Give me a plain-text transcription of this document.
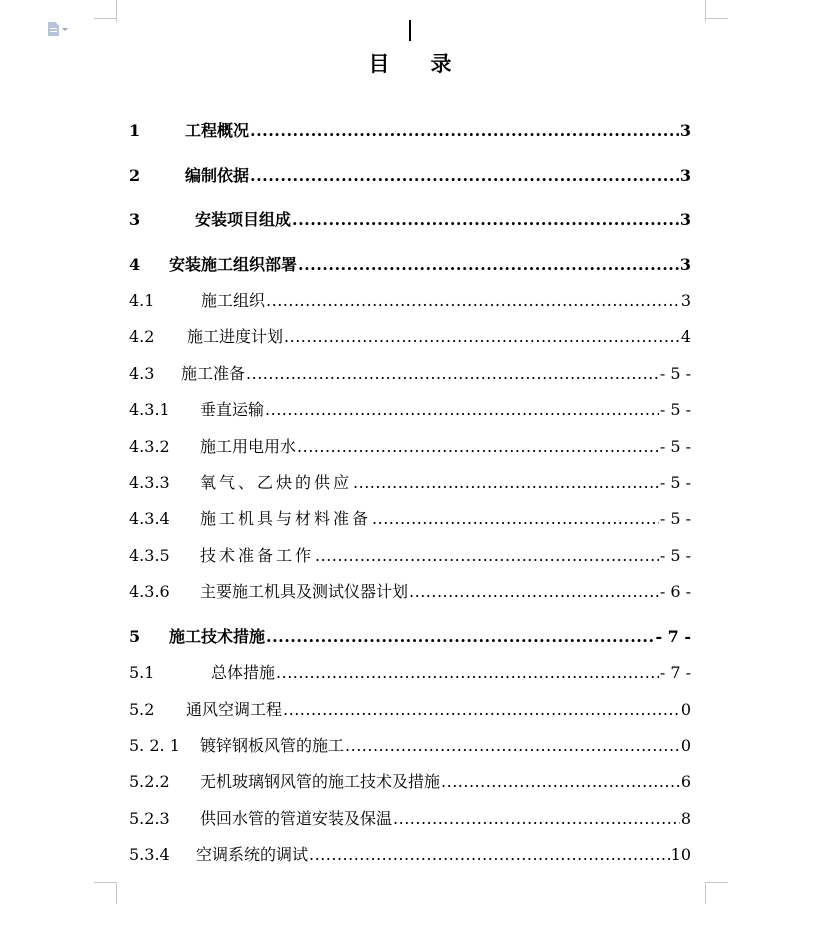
目 录
1	工程概况 .....	3
2	编制依据 .....	3
3	安装项目组成 .....	3
4	安装施工组织部署 .....	3
4.1	施工组织 .....	3
4.2	施工进度计划 .....	4
4.3	施工准备 .....	- 5 -
4.3.1	垂直运输 .....	- 5 -
4.3.2	施工用电用水 .....	- 5 -
4.3.3	氧气、乙炔的供应 .....	- 5 -
4.3.4	施工机具与材料准备 .....	- 5 -
4.3.5	技术准备工作 .....	- 5 -
4.3.6	主要施工机具及测试仪器计划 .....	- 6 -
5	施工技术措施 .....	- 7 -
5.1	总体措施 .....	- 7 -
5.2	通风空调工程 .....	0
5. 2. 1	镀锌钢板风管的施工 .....	0
5.2.2	无机玻璃钢风管的施工技术及措施 .....	6
5.2.3	供回水管的管道安装及保温 .....	8
5.3.4	空调系统的调试 .....	10
